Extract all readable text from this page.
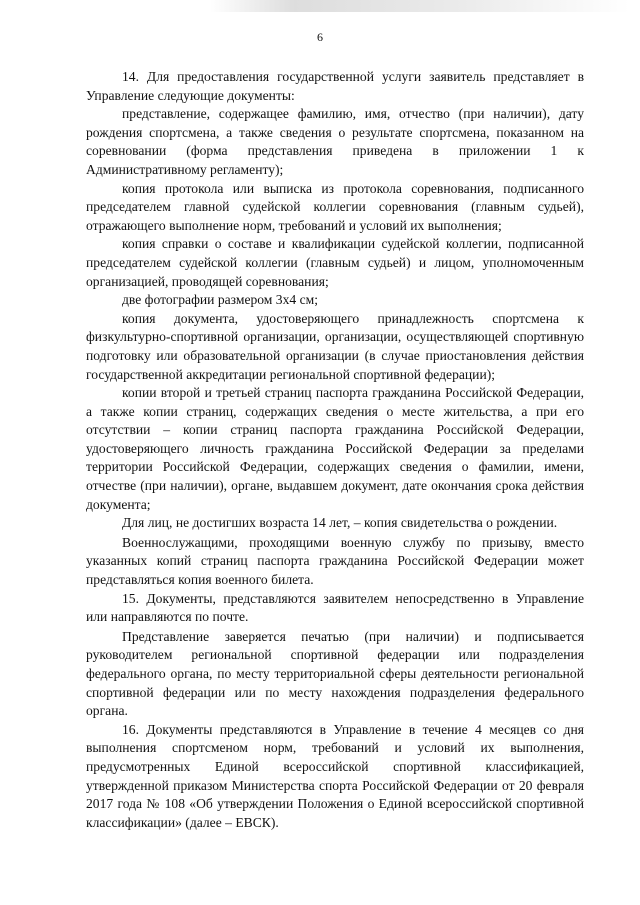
6

14. Для предоставления государственной услуги заявитель представляет в Управление следующие документы:

представление, содержащее фамилию, имя, отчество (при наличии), дату рождения спортсмена, а также сведения о результате спортсмена, показанном на соревновании (форма представления приведена в приложении 1 к Административному регламенту);

копия протокола или выписка из протокола соревнования, подписанного председателем главной судейской коллегии соревнования (главным судьей), отражающего выполнение норм, требований и условий их выполнения;

копия справки о составе и квалификации судейской коллегии, подписанной председателем судейской коллегии (главным судьей) и лицом, уполномоченным организацией, проводящей соревнования;

две фотографии размером 3х4 см;

копия документа, удостоверяющего принадлежность спортсмена к физкультурно-спортивной организации, организации, осуществляющей спортивную подготовку или образовательной организации (в случае приостановления действия государственной аккредитации региональной спортивной федерации);

копии второй и третьей страниц паспорта гражданина Российской Федерации, а также копии страниц, содержащих сведения о месте жительства, а при его отсутствии – копии страниц паспорта гражданина Российской Федерации, удостоверяющего личность гражданина Российской Федерации за пределами территории Российской Федерации, содержащих сведения о фамилии, имени, отчестве (при наличии), органе, выдавшем документ, дате окончания срока действия документа;

Для лиц, не достигших возраста 14 лет, – копия свидетельства о рождении.

Военнослужащими, проходящими военную службу по призыву, вместо указанных копий страниц паспорта гражданина Российской Федерации может представляться копия военного билета.

15. Документы, представляются заявителем непосредственно в Управление или направляются по почте.

Представление заверяется печатью (при наличии) и подписывается руководителем региональной спортивной федерации или подразделения федерального органа, по месту территориальной сферы деятельности региональной спортивной федерации или по месту нахождения подразделения федерального органа.

16. Документы представляются в Управление в течение 4 месяцев со дня выполнения спортсменом норм, требований и условий их выполнения, предусмотренных Единой всероссийской спортивной классификацией, утвержденной приказом Министерства спорта Российской Федерации от 20 февраля 2017 года № 108 «Об утверждении Положения о Единой всероссийской спортивной классификации» (далее – ЕВСК).
